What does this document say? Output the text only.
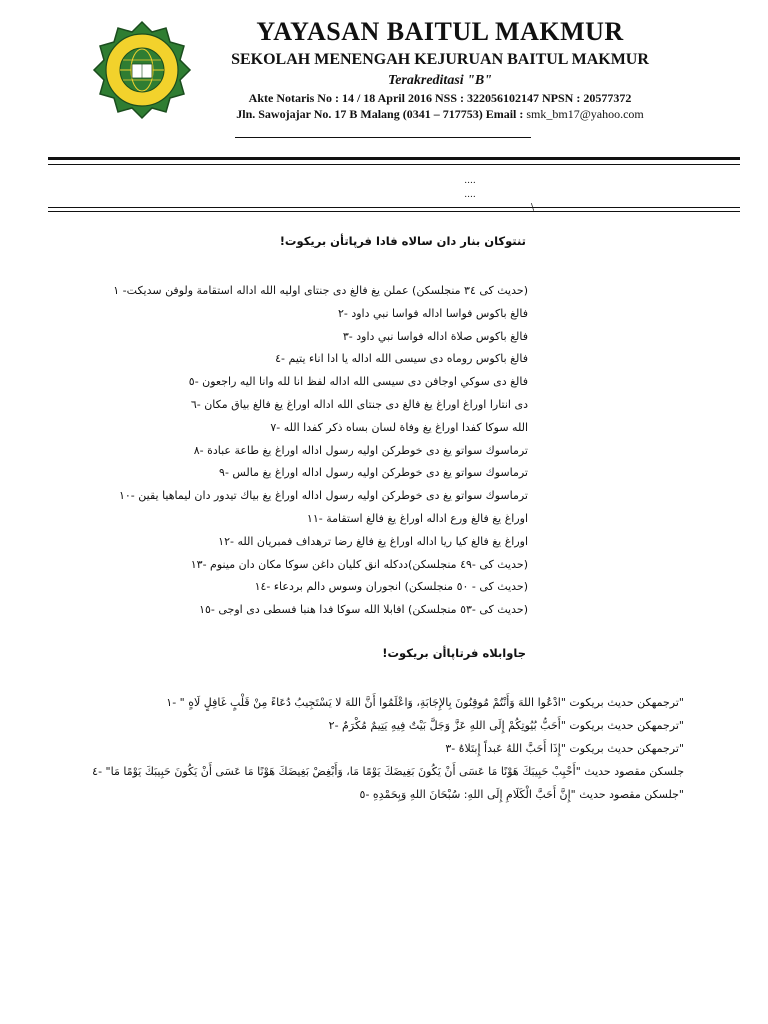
YAYASAN BAITUL MAKMUR
SEKOLAH MENENGAH KEJURUAN BAITUL MAKMUR
Terakreditasi "B"
Akte Notaris No : 14 / 18 April 2016 NSS : 322056102147 NPSN : 20577372
Jln. Sawojajar No. 17 B Malang (0341 – 717753) Email : smk_bm17@yahoo.com
....
....
\
تنتوكان بنار دان سالاه فادا فرپاتأن بريكوت!
(حديث کى ٣٤ منجلسکن) عملن يغ فالغ دى جنتاى اوليه الله اداله استقامة ولوفن سديکت- ١
فالغ باکوس فواسا اداله فواسا نبي داود -٢
فالغ باکوس صلاة اداله فواسا نبي داود -٣
فالغ باکوس روماه دى سيسى الله اداله يا ادا اناء يتيم -٤
فالغ دى سوکي اوجافن دى سيسى الله اداله لفظ انا لله وانا اليه راجعون -٥
دى انتارا اوراغ اوراغ يغ فالغ دى جنتاى الله اداله اوراغ يغ فالغ بياق مکان -٦
الله سوکا کفدا اوراغ يغ وفاة لسان بساه ذکر کفدا الله -٧
ترماسوك سواتو يغ دى خوطرکن اوليه رسول اداله اوراغ يغ طاعة عبادة -٨
ترماسوك سواتو يغ دى خوطرکن اوليه رسول اداله اوراغ يغ مالس -٩
ترماسوك سواتو يغ دى خوطرکن اوليه رسول اداله اوراغ يغ بياك تيدور دان ليماهيا يقين -١٠
اوراغ يغ فالغ ورع اداله اوراغ يغ فالغ استقامة -١١
اوراغ يغ فالغ کيا ريا اداله اوراغ يغ فالغ رضا ترهداف فمبريان الله -١٢
(حديث کى -٤٩ منجلسکن)ددکله انق کليان داغن سوکا مکان دان مينوم -١٣
(حديث کى - ٥٠ منجلسکن) انجوران وسوس دالم بردعاء -١٤
(حديث کى -٥٣ منجلسکن) افابلا الله سوکا فدا هنبا فسطى دى اوجى -١٥
جاوابلاه فرتاپاأن بريكوت!
"ترجمهکن حديث بريکوت "ادْعُوا اللهَ وَأَنْتُمْ مُوقِنُونَ بِالإِجَابَةِ، وَاعْلَمُوا أَنَّ اللهَ لا يَسْتَجِيبُ دُعَاءً مِنْ قَلْبٍ غَافِلٍ لَاهٍ " -١
"ترجمهکن حديث بريکوت "أَحَبُّ بُيُوتِكُمْ إِلَى اللهِ عَزَّ وَجَلَّ بَيْتٌ فِيهِ يَتِيمٌ مُكْرَمٌ -٢
"ترجمهکن حديث بريکوت "إِذَا أَحَبَّ اللهُ عَبداً إِبتَلاهُ -٣
جلسکن مقصود حديث "أَحْبِبْ حَبِيبَكَ هَوْنًا مَا عَسَى أَنْ يَكُونَ بَغِيضَكَ يَوْمًا مَا، وَأَبْغِضْ بَغِيضَكَ هَوْنًا مَا عَسَى أَنْ يَكُونَ حَبِيبَكَ يَوْمًا مَا" -٤
"جلسکن مقصود حديث "إِنَّ أَحَبَّ الْكَلَامِ إِلَى اللهِ: سُبْحَانَ اللهِ وَبِحَمْدِهِ -٥
